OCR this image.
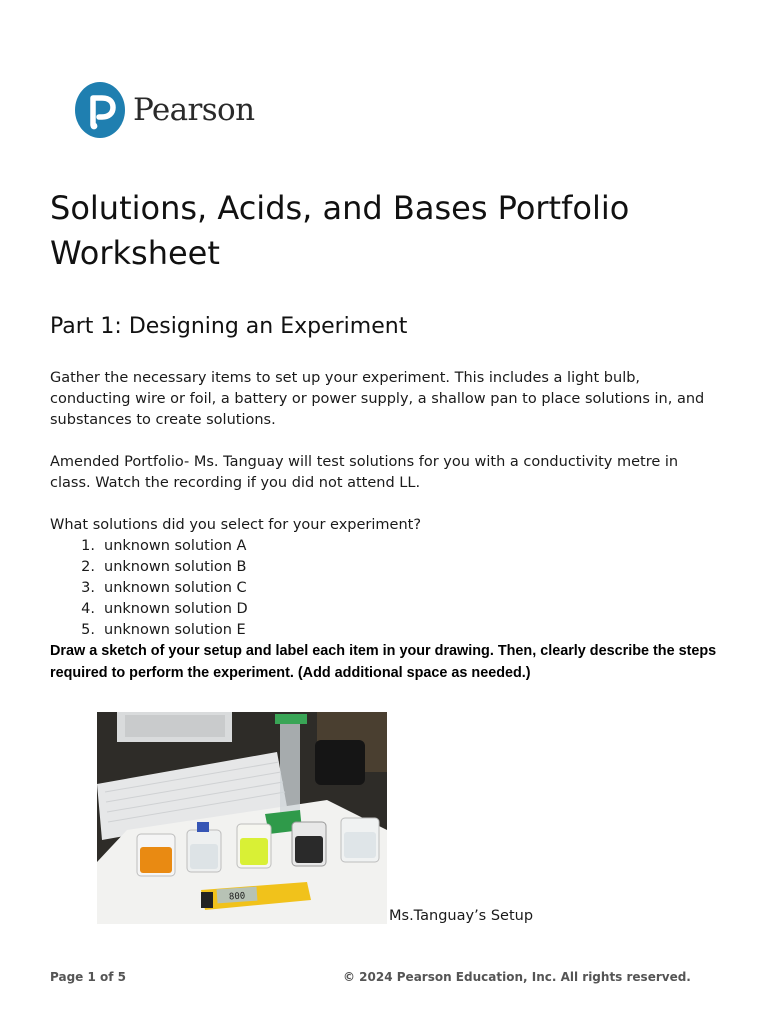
Pearson
Solutions, Acids, and Bases Portfolio Worksheet
Part 1: Designing an Experiment

Gather the necessary items to set up your experiment. This includes a light bulb, conducting wire or foil, a battery or power supply, a shallow pan to place solutions in, and substances to create solutions.

Amended Portfolio- Ms. Tanguay will test solutions for you with a conductivity metre in class. Watch the recording if you did not attend LL.

What solutions did you select for your experiment?

1. unknown solution A
2. unknown solution B
3. unknown solution C
4. unknown solution D
5. unknown solution E

Draw a sketch of your setup and label each item in your drawing. Then, clearly describe the steps required to perform the experiment. (Add additional space as needed.)

800
Ms.Tanguay’s Setup
Page 1 of 5	© 2024 Pearson Education, Inc. All rights reserved.
